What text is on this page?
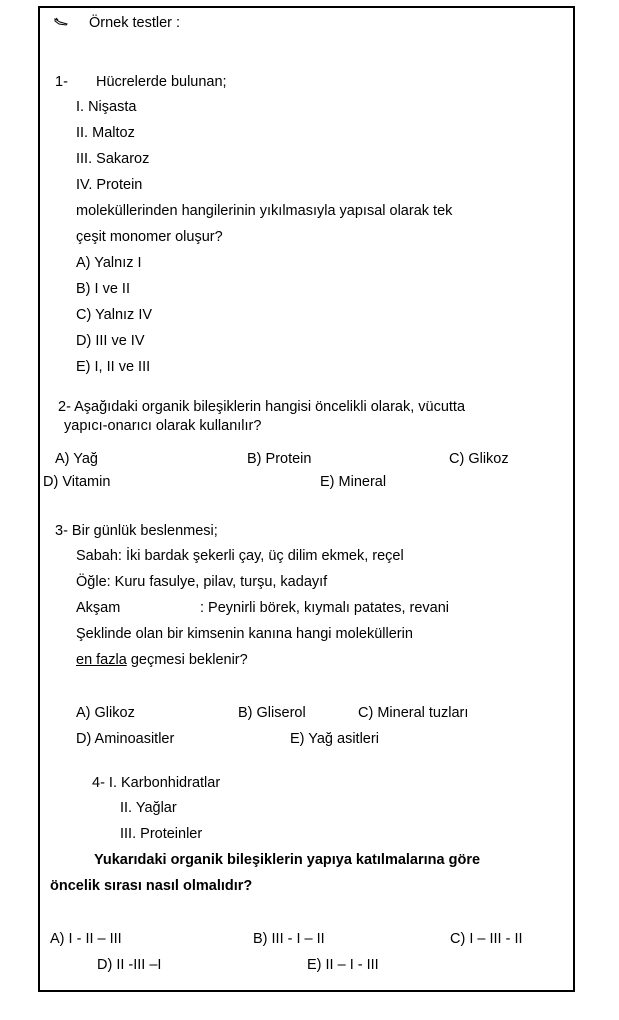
Örnek testler :
1- Hücrelerde bulunan;
I. Nişasta
II. Maltoz
III. Sakaroz
IV. Protein
moleküllerinden hangilerinin yıkılmasıyla yapısal olarak tek
çeşit monomer oluşur?
A) Yalnız I
B) I ve II
C) Yalnız IV
D) III ve IV
E) I, II ve III
2- Aşağıdaki organik bileşiklerin hangisi öncelikli olarak, vücutta
yapıcı-onarıcı olarak kullanılır?
A) Yağ	B) Protein	C) Glikoz
D) Vitamin	E) Mineral
3- Bir günlük beslenmesi;
Sabah: İki bardak şekerli çay, üç dilim ekmek, reçel
Öğle: Kuru fasulye, pilav, turşu, kadayıf
Akşam	: Peynirli börek, kıymalı patates, revani
Şeklinde olan bir kimsenin kanına hangi moleküllerin
en fazla geçmesi beklenir?
A) Glikoz	B) Gliserol	C) Mineral tuzları
D) Aminoasitler	E) Yağ asitleri
4- I. Karbonhidratlar
II. Yağlar
III. Proteinler
Yukarıdaki organik bileşiklerin yapıya katılmalarına göre
öncelik sırası nasıl olmalıdır?
A) I - II – III	B) III - I – II	C) I – III - II
D) II -III –I	E) II – I - III
